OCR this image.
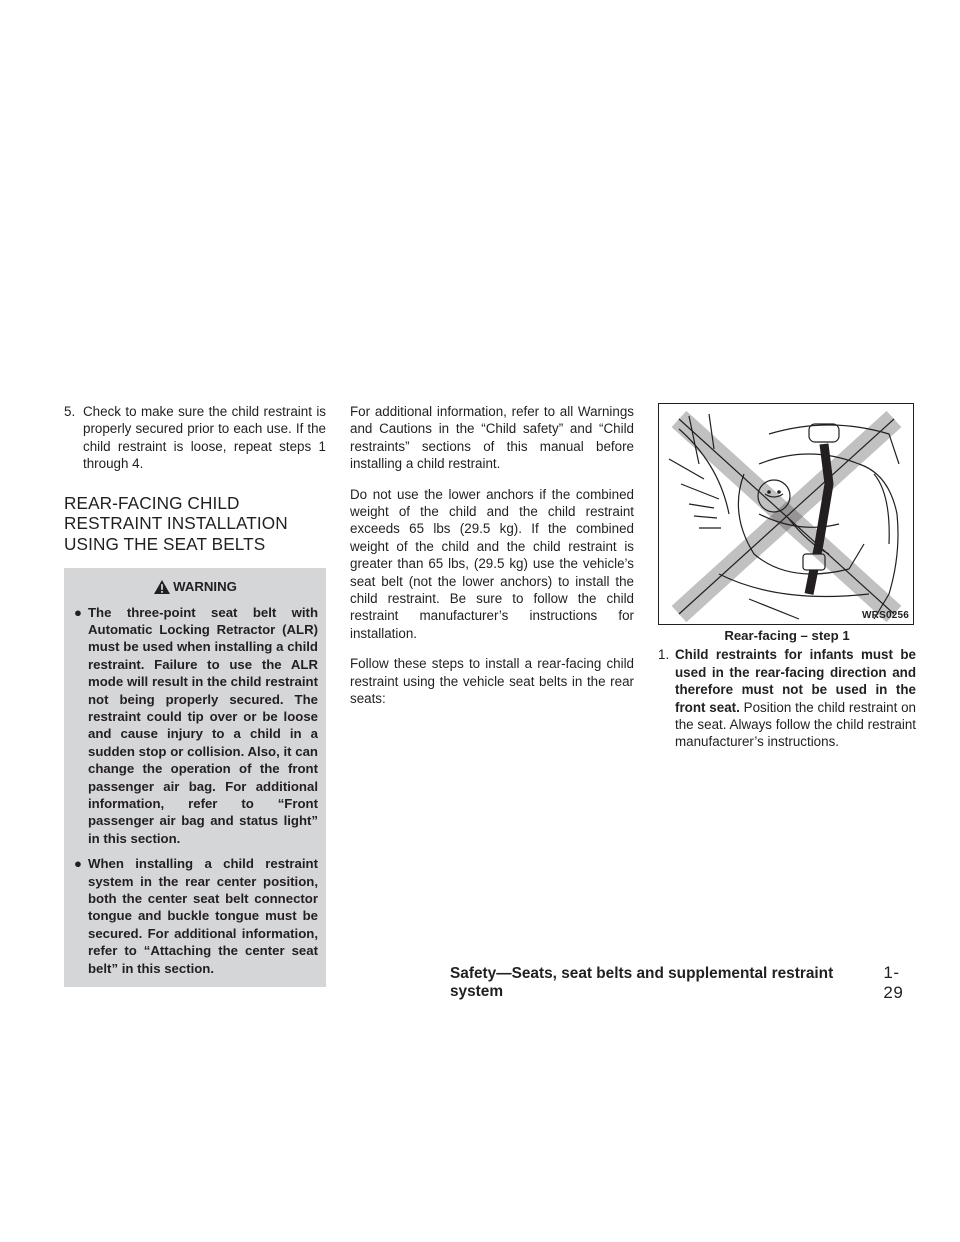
5. Check to make sure the child restraint is properly secured prior to each use. If the child restraint is loose, repeat steps 1 through 4.
REAR-FACING CHILD RESTRAINT INSTALLATION USING THE SEAT BELTS
WARNING
● The three-point seat belt with Automatic Locking Retractor (ALR) must be used when installing a child restraint. Failure to use the ALR mode will result in the child restraint not being properly secured. The restraint could tip over or be loose and cause injury to a child in a sudden stop or collision. Also, it can change the operation of the front passenger air bag. For additional information, refer to “Front passenger air bag and status light” in this section.
● When installing a child restraint system in the rear center position, both the center seat belt connector tongue and buckle tongue must be secured. For additional information, refer to “Attaching the center seat belt” in this section.

For additional information, refer to all Warnings and Cautions in the “Child safety” and “Child restraints” sections of this manual before installing a child restraint.

Do not use the lower anchors if the combined weight of the child and the child restraint exceeds 65 lbs (29.5 kg). If the combined weight of the child and the child restraint is greater than 65 lbs, (29.5 kg) use the vehicle’s seat belt (not the lower anchors) to install the child restraint. Be sure to follow the child restraint manufacturer’s instructions for installation.

Follow these steps to install a rear-facing child restraint using the vehicle seat belts in the rear seats:

WRS0256
Rear-facing – step 1
1. Child restraints for infants must be used in the rear-facing direction and therefore must not be used in the front seat. Position the child restraint on the seat. Always follow the child restraint manufacturer’s instructions.
Safety—Seats, seat belts and supplemental restraint system
1-29
